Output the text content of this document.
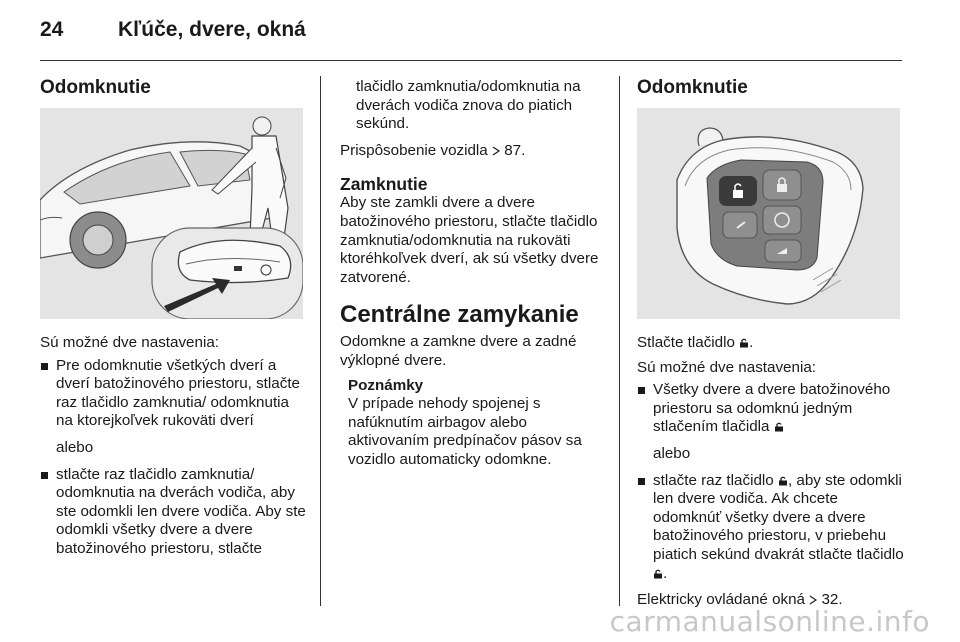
24	Kľúče, dvere, okná
Odomknutie

Sú možné dve nastavenia:

Pre odomknutie všetkých dverí a dverí batožinového priestoru, stlačte raz tlačidlo zamknutia/ odomknutia na ktorejkoľvek rukoväti dverí

alebo

stlačte raz tlačidlo zamknutia/ odomknutia na dverách vodiča, aby ste odomkli len dvere vodiča. Aby ste odomkli všetky dvere a dvere batožinového priestoru, stlačte

tlačidlo zamknutia/odomknutia na dverách vodiča znova do piatich sekúnd.

Prispôsobenie vozidla 87.

Zamknutie

Aby ste zamkli dvere a dvere batožinového priestoru, stlačte tlačidlo zamknutia/odomknutia na rukoväti ktoréhkoľvek dverí, ak sú všetky dvere zatvorené.

Centrálne zamykanie

Odomkne a zamkne dvere a zadné výklopné dvere.

Poznámky

V prípade nehody spojenej s nafúknutím airbagov alebo aktivovaním predpínačov pásov sa vozidlo automaticky odomkne.

Odomknutie

Stlačte tlačidlo .

Sú možné dve nastavenia:

Všetky dvere a dvere batožinového priestoru sa odomknú jedným stlačením tlačidla

alebo

stlačte raz tlačidlo , aby ste odomkli len dvere vodiča. Ak chcete odomknúť všetky dvere a dvere batožinového priestoru, v priebehu piatich sekúnd dvakrát stlačte tlačidlo .

Elektricky ovládané okná 32.

carmanualsonline.info
